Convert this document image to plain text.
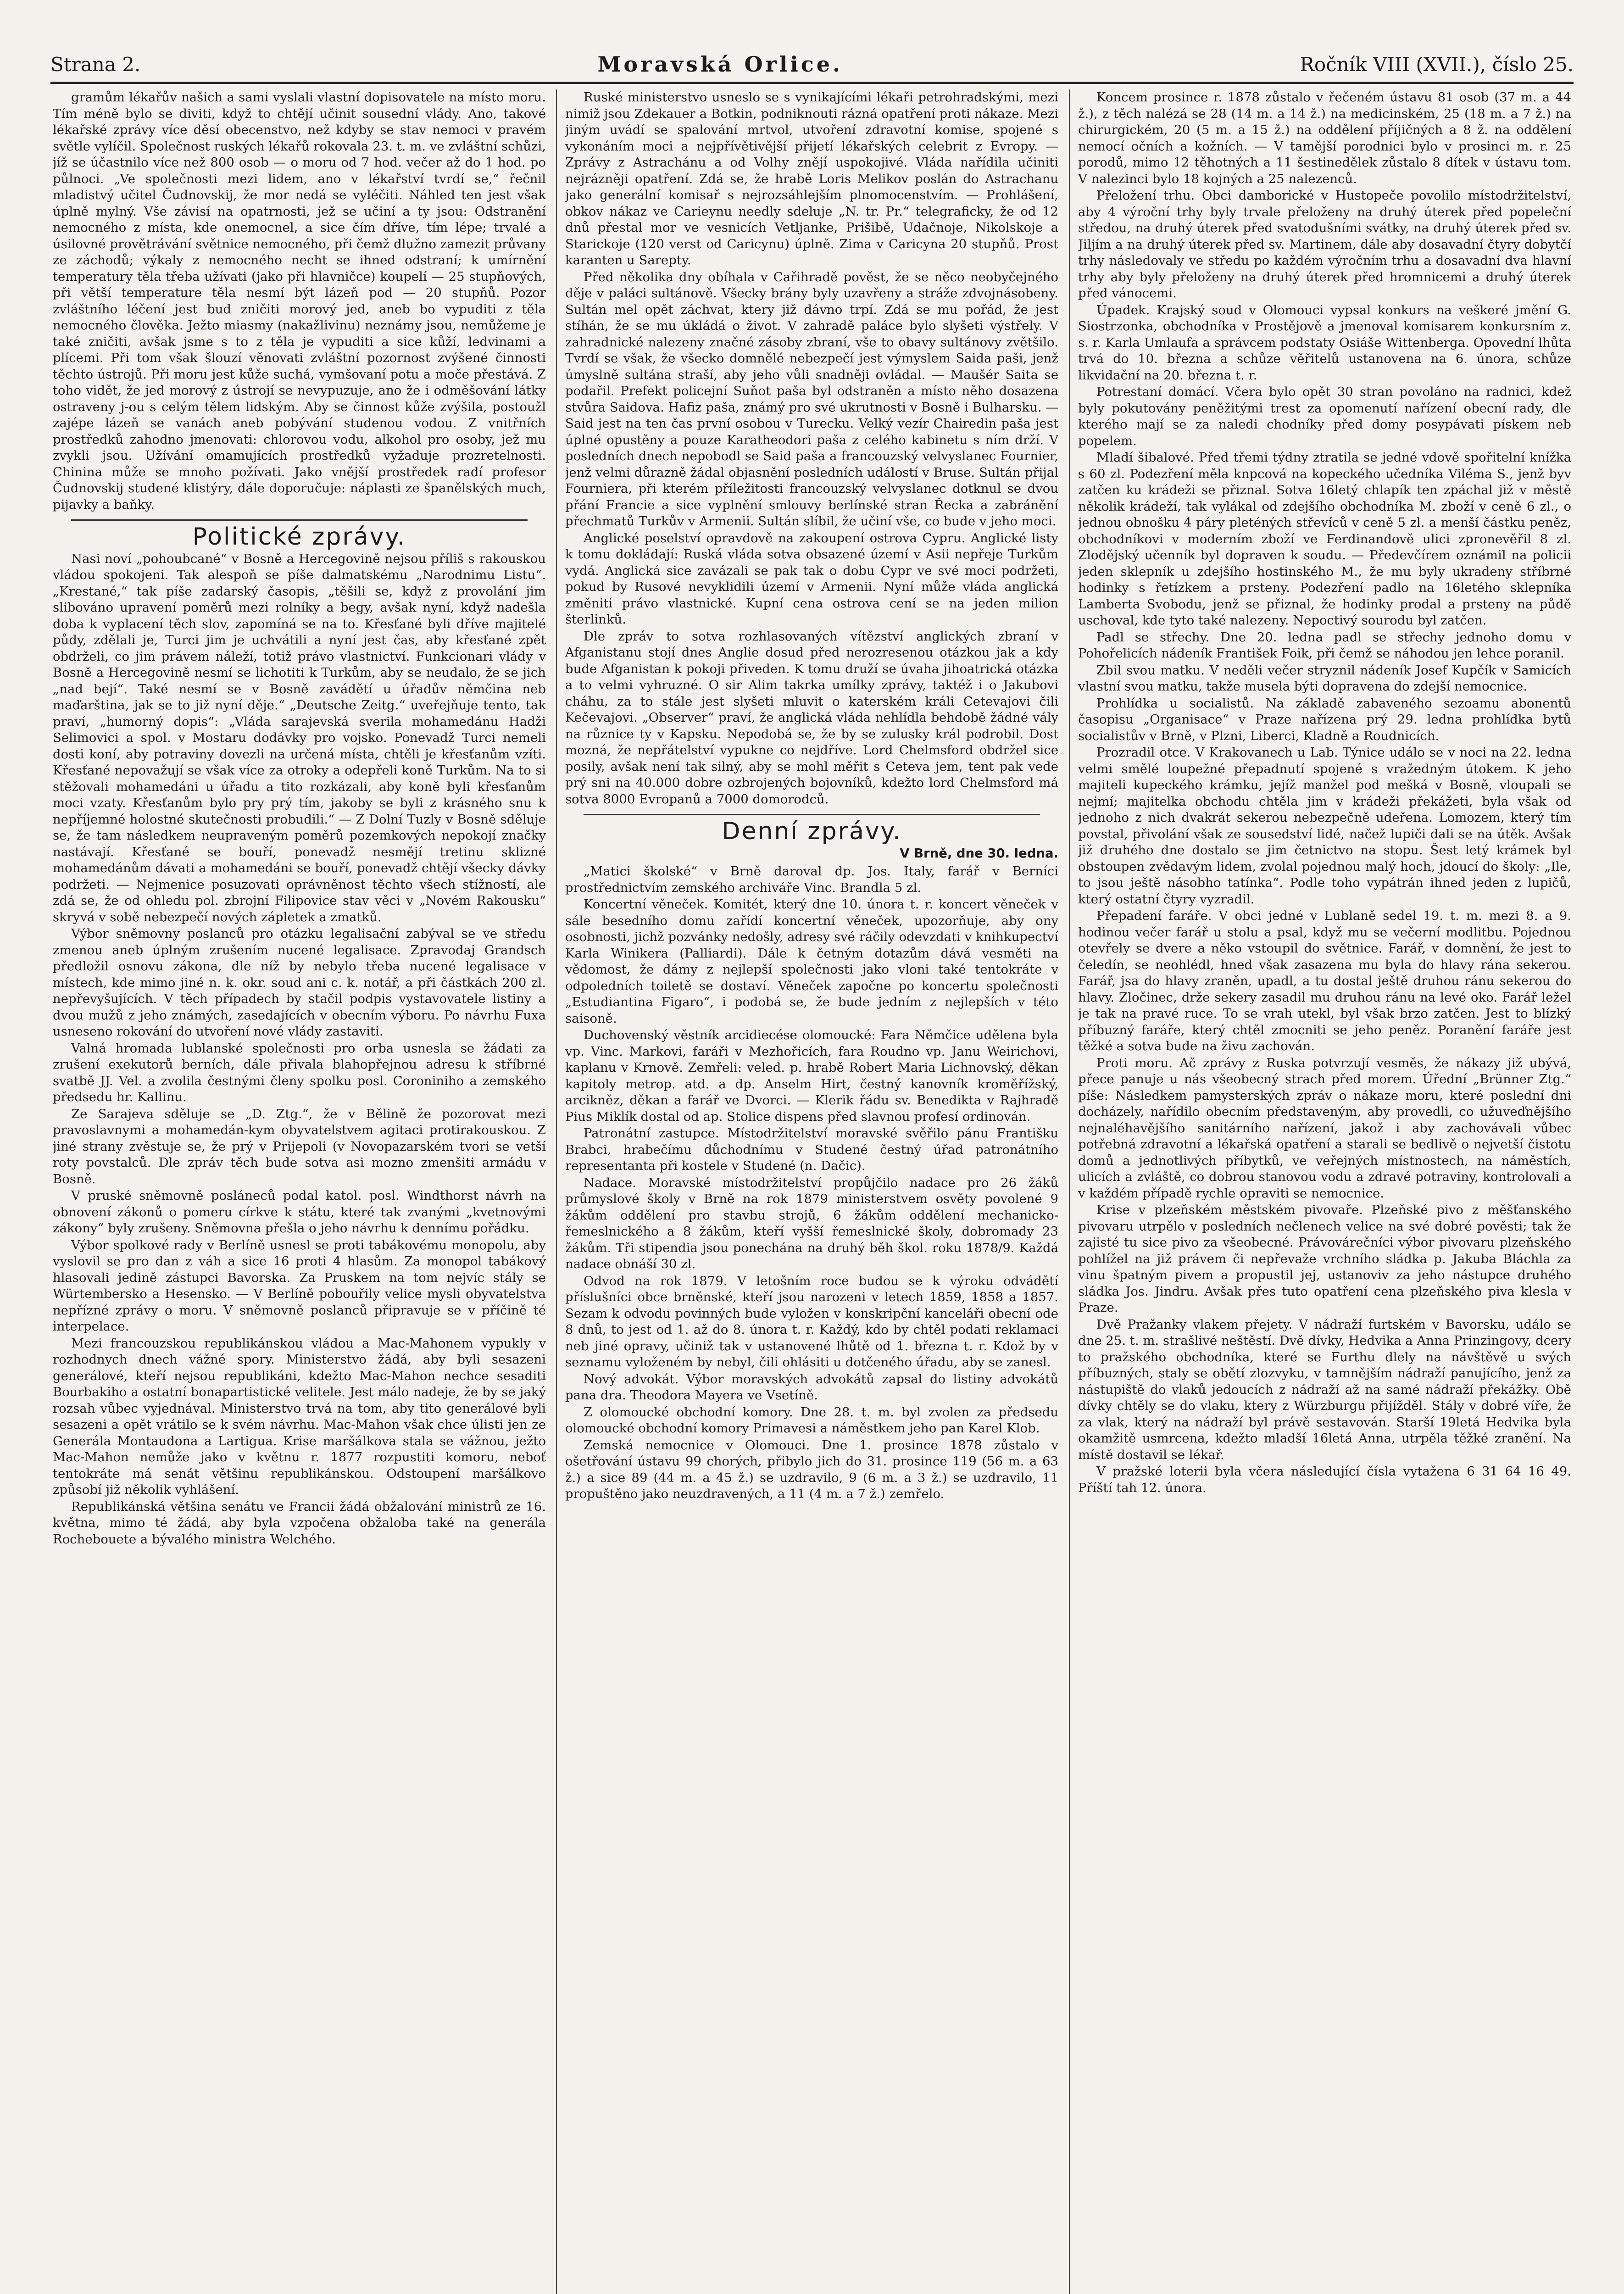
Strana 2.	Moravská Orlice.	Ročník VIII (XVII.), číslo 25.

gramům lékařův našich a sami vyslali vlastní dopisovatele na místo moru. Tím méně bylo se diviti, když to chtějí učinit sousední vlády. Ano, takové lékařské zprávy více děsí obecenstvo, než kdyby se stav nemoci v pravém světle vylíčil. Společnost ruských lékařů rokovala 23. t. m. ve zvláštní schůzi, jíž se účastnilo více než 800 osob — o moru od 7 hod. večer až do 1 hod. po půlnoci. „Ve společnosti mezi lidem, ano v lékařství tvrdí se,“ řečnil mladistvý učitel Čudnovskij, že mor nedá se vyléčiti. Náhled ten jest však úplně mylný. Vše závisí na opatrnosti, jež se učiní a ty jsou: Odstranění nemocného z místa, kde onemocnel, a sice čím dříve, tím lépe; trvalé a úsilovné provětrávání světnice nemocného, při čemž dlužno zamezit průvany ze záchodů; výkaly z nemocného necht se ihned odstraní; k umírnění temperatury těla třeba užívati (jako při hlavničce) koupelí — 25 stupňových, při větší temperature těla nesmí být lázeň pod — 20 stupňů. Pozor zvláštního léčení jest bud zničiti morový jed, aneb bo vypuditi z těla nemocného člověka. Ježto miasmy (nakažlivinu) neznámy jsou, nemůžeme je také zničiti, avšak jsme s to z těla je vypuditi a sice kůží, ledvinami a plícemi. Při tom však šlouzí věnovati zvláštní pozornost zvýšené činnosti těchto ústrojů. Při moru jest kůže suchá, vymšovaní potu a moče přestává. Z toho vidět, že jed morový z ústrojí se nevypuzuje, ano že i odměšování látky ostraveny j-ou s celým tělem lidským. Aby se činnost kůže zvýšila, postoužl zajépe lázeň se vanách aneb pobývání studenou vodou. Z vnitřních prostředků zahodno jmenovati: chlorovou vodu, alkohol pro osoby, jež mu zvykli jsou. Užívání omamujících prostředků vyžaduje prozretelnosti. Chinina může se mnoho požívati. Jako vnější prostředek radí profesor Čudnovskij studené klistýry, dále doporučuje: náplasti ze španělských much, pijavky a baňky.

Politické zprávy.

Nasi noví „pohoubcané“ v Bosně a Hercegovině nejsou příliš s rakouskou vládou spokojeni. Tak alespoň se píše dalmatskému „Narodnimu Listu“. „Krestané,“ tak píše zadarský časopis, „těšili se, když z provolání jim slibováno upravení poměrů mezi rolníky a begy, avšak nyní, když nadešla doba k vyplacení těch slov, zapomíná se na to. Křesťané byli dříve majitelé půdy, zdělali je, Turci jim je uchvátili a nyní jest čas, aby křesťané zpět obdrželi, co jim právem náleží, totiž právo vlastnictví. Funkcionari vlády v Bosně a Hercegovině nesmí se lichotiti k Turkům, aby se neudalo, že se jich „nad bejí“. Také nesmí se v Bosně zavádětí u úřadův němčina neb maďarština, jak se to již nyní děje.“ „Deutsche Zeitg.“ uveřejňuje tento, tak praví, „humorný dopis“: „Vláda sarajevská sverila mohamedánu Hadži Selimovici a spol. v Mostaru dodávky pro vojsko. Ponevadž Turci nemeli dosti koní, aby potraviny dovezli na určená místa, chtěli je křesťanům vzíti. Křesťané nepovažují se však více za otroky a odepřeli koně Turkům. Na to si stěžovali mohamedáni u úřadu a tito rozkázali, aby koně byli křesťanům moci vzaty. Křesťanům bylo pry prý tím, jakoby se byli z krásného snu k nepříjemné holostné skutečnosti probudili.“ — Z Dolní Tuzly v Bosně sděluje se, že tam následkem neupraveným poměrů pozemkových nepokojí značky nastávají. Křesťané se bouří, ponevadž nesmějí tretinu sklizné mohamedánům dávati a mohamedáni se bouří, ponevadž chtějí všecky dávky podržeti. — Nejmenice posuzovati oprávněnost těchto všech stížností, ale zdá se, že od ohledu pol. zbrojní Filipovice stav věci v „Novém Rakousku“ skryvá v sobě nebezpečí nových zápletek a zmatků.

Výbor sněmovny poslanců pro otázku legalisační zabýval se ve středu zmenou aneb úplným zrušením nucené legalisace. Zpravodaj Grandsch předložil osnovu zákona, dle níž by nebylo třeba nucené legalisace v místech, kde mimo jiné n. k. okr. soud ani c. k. notář, a při částkách 200 zl. nepřevyšujících. V těch případech by stačil podpis vystavovatele listiny a dvou mužů z jeho známých, zasedajících v obecním výboru. Po návrhu Fuxa usneseno rokování do utvoření nové vlády zastaviti.

Valná hromada lublanské společnosti pro orba usnesla se žádati za zrušení exekutorů berních, dále přivala blahopřejnou adresu k stříbrné svatbě JJ. Vel. a zvolila čestnými členy spolku posl. Coroninihο a zemského předsedu hr. Kallinu.

Ze Sarajeva sděluje se „D. Ztg.“, že v Bělině že pozorovat mezi pravoslavnymi a mohamedán-kym obyvatelstvem agitaci protirakouskou. Z jiné strany zvěstuje se, že prý v Prijepoli (v Novopazarském tvori se vetší roty povstalců. Dle zpráv těch bude sotva asi mozno zmenšiti armádu v Bosně.

V pruské sněmovně posláneců podal katol. posl. Windthorst návrh na obnovení zákonů o pomeru církve k státu, které tak zvanými „kvetnovými zákony“ byly zrušeny. Sněmovna přešla o jeho návrhu k dennímu pořádku.

Výbor spolkové rady v Berlíně usnesl se proti tabákovému monopolu, aby vyslovil se pro dan z váh a sice 16 proti 4 hlasům. Za monopol tabákový hlasovali jedině zástupci Bavorska. Za Pruskem na tom nejvíc stály se Würtembersko a Hesensko. — V Berlíně pobouřily velice mysli obyvatelstva nepřízné zprávy o moru. V sněmovně poslanců připravuje se v příčině té interpelace.

Mezi francouzskou republikánskou vládou a Mac-Mahonem vypukly v rozhodnych dnech vážné spory. Ministerstvo žádá, aby byli sesazeni generálové, kteří nejsou republikáni, kdežto Mac-Mahon nechce sesaditi Bourbakiho a ostatní bonapartistické velitele. Jest málo nadeje, že by se jaký rozsah vůbec vyjednával. Ministerstvo trvá na tom, aby tito generálové byli sesazeni a opět vrátilo se k svém návrhu. Mac-Mahon však chce úlisti jen ze Generála Montaudona a Lartigua. Krise maršálkova stala se vážnou, ježto Mac-Mahon nemůže jako v květnu r. 1877 rozpustiti komoru, neboť tentokráte má senát většinu republikánskou. Odstoupení maršálkovo způsobí již několik vyhlášení.

Republikánská většina senátu ve Francii žádá obžalování ministrů ze 16. května, mimo té žádá, aby byla vzpočena obžaloba také na generála Rochebouete a bývalého ministra Welchého.

Ruské ministerstvo usneslo se s vynikajícími lékaři petrohradskými, mezi nimiž jsou Zdekauer a Botkin, podniknouti rázná opatření proti nákaze. Mezi jiným uvádí se spalování mrtvol, utvoření zdravotní komise, spojené s vykonáním moci a nejpřívětivější přijetí lékařských celebrit z Evropy. — Zprávy z Astrachánu a od Volhy znějí uspokojivé. Vláda nařídila učiniti nejrázněji opatření. Zdá se, že hrabě Loris Melikov poslán do Astrachanu jako generální komisař s nejrozsáhlejším plnomocenstvím. — Prohlášení, obkov nákaz ve Carieynu needly sdeluje „N. tr. Pr.“ telegraficky, že od 12 dnů přestal mor ve vesnicích Vetljanke, Prišibě, Udačnoje, Nikolskoje a Starickoje (120 verst od Caricynu) úplně. Zima v Caricyna 20 stupňů. Prost karanten u Sarepty.

Před několika dny obíhala v Cařihradě pověst, že se něco neobyčejného děje v paláci sultánově. Všecky brány byly uzavřeny a stráže zdvojnásobeny. Sultán mel opět záchvat, ktery již dávno trpí. Zdá se mu pořád, že jest stíhán, že se mu úkládá o život. V zahradě paláce bylo slyšeti výstřely. V zahradnické nalezeny značné zásoby zbraní, vše to obavy sultánovy zvětšilo. Tvrdí se však, že všecko domnělé nebezpečí jest výmyslem Saida paši, jenž úmyslně sultána straší, aby jeho vůli snadněji ovládal. — Maušér Saita se podařil. Prefekt policejní Suňot paša byl odstraněn a místo něho dosazena stvůra Saidova. Hafiz paša, známý pro své ukrutnosti v Bosně i Bulharsku. — Said jest na ten čas první osobou v Turecku. Velký vezír Chairedin paša jest úplné opustěny a pouze Karatheodori paša z celého kabinetu s ním drží. V posledních dnech nepobodl se Said paša a francouzský velvyslanec Fournier, jenž velmi důrazně žádal objasnění posledních událostí v Bruse. Sultán přijal Fourniera, při kterém příležitosti francouzský velvyslanec dotknul se dvou přání Francie a sice vyplnění smlouvy berlínské stran Řecka a zabránění přechmatů Turkův v Armenii. Sultán slíbil, že učiní vše, co bude v jeho moci.

Anglické poselství opravdově na zakoupení ostrova Cypru. Anglické listy k tomu dokládají: Ruská vláda sotva obsazené území v Asii nepřeje Turkům vydá. Anglická sice zavázali se pak tak o dobu Cypr ve své moci podržeti, pokud by Rusové nevyklidili území v Armenii. Nyní může vláda anglická změniti právo vlastnické. Kupní cena ostrova cení se na jeden milion šterlinků.

Dle zpráv to sotva rozhlasovaných vítězství anglických zbraní v Afganistanu stojí dnes Anglie dosud před nerozresenou otázkou jak a kdy bude Afganistan k pokoji přiveden. K tomu druží se úvaha jihoatrická otázka a to velmi vyhruzné. O sir Alim takrka umílky zprávy, taktéž i o Jakubovi cháhu, za to stále jest slyšeti mluvit o katerském králi Cetevajovi čili Kečevajovi. „Observer“ praví, že anglická vláda nehlídla behdobě žádné vály na různice ty v Kapsku. Nepodobá se, že by se zulusky král podrobil. Dost mozná, že nepřátelství vypukne co nejdříve. Lord Chelmsford obdržel sice posily, avšak není tak silný, aby se mohl měřit s Ceteva jem, tent pak vede prý sni na 40.000 dobre ozbrojených bojovníků, kdežto lord Chelmsford má sotva 8000 Evropanů a 7000 domorodců.

Denní zprávy.
V Brně, dne 30. ledna.

„Matici školské“ v Brně daroval dp. Jos. Italy, farář v Berníci prostřednictvím zemského archiváře Vinc. Brandla 5 zl.

Koncertní věneček. Komitét, který dne 10. února t. r. koncert věneček v sále besedního domu zařídí koncertní věneček, upozorňuje, aby ony osobnosti, jichž pozvánky nedošly, adresy své ráčily odevzdati v knihkupectví Karla Winikera (Palliardi). Dále k četným dotazům dává vesměti na vědomost, že dámy z nejlepší společnosti jako vloni také tentokráte v odpoledních toiletě se dostaví. Věneček započne po koncertu společnosti „Estudiantina Figaro“, i podobá se, že bude jedním z nejlepších v této saisoně.

Duchovenský věstník arcidiecése olomoucké: Fara Němčice udělena byla vp. Vinc. Markovi, faráři v Mezhořicích, fara Roudno vp. Janu Weirichovi, kaplanu v Krnově. Zemřeli: veled. p. hrabě Robert Maria Lichnovský, děkan kapitoly metrop. atd. a dp. Anselm Hirt, čestný kanovník kroměřížský, arcikněz, děkan a farář ve Dvorci. — Klerik řádu sv. Benedikta v Rajhradě Pius Miklík dostal od ap. Stolice dispens před slavnou profesí ordinován.

Patronátní zastupce. Místodržitelství moravské svěřilo pánu Františku Brabci, hrabečímu důchodnímu v Studené čestný úřad patronátního representanta při kostele v Studené (n. Dačic).

Nadace. Moravské místodržitelství propůjčilo nadace pro 26 žáků průmyslové školy v Brně na rok 1879 ministerstvem osvěty povolené 9 žákům oddělení pro stavbu strojů, 6 žákům oddělení mechanicko-řemeslnického a 8 žákům, kteří vyšší řemeslnické školy, dobromady 23 žákům. Tři stipendia jsou ponechána na druhý běh škol. roku 1878/9. Každá nadace obnáší 30 zl.

Odvod na rok 1879. V letošním roce budou se k výroku odvádětí příslušníci obce brněnské, kteří jsou narozeni v letech 1859, 1858 a 1857. Sezam k odvodu povinných bude vyložen v konskripční kanceláři obecní ode 8 dnů, to jest od 1. až do 8. února t. r. Každý, kdo by chtěl podati reklamaci neb jiné opravy, učiniž tak v ustanovené lhůtě od 1. března t. r. Kdož by v seznamu vyloženém by nebyl, čili ohlásiti u dotčeného úřadu, aby se zanesl.

Nový advokát. Výbor moravských advokátů zapsal do listiny advokátů pana dra. Theodora Mayera ve Vsetíně.

Z olomoucké obchodní komory. Dne 28. t. m. byl zvolen za předsedu olomoucké obchodní komory Primavesi a náměstkem jeho pan Karel Klob.

Zemská nemocnice v Olomouci. Dne 1. prosince 1878 zůstalo v ošetřování ústavu 99 chorých, přibylo jich do 31. prosince 119 (56 m. a 63 ž.) a sice 89 (44 m. a 45 ž.) se uzdravilo, 9 (6 m. a 3 ž.) se uzdravilo, 11 propuštěno jako neuzdravených, a 11 (4 m. a 7 ž.) zemřelo.

Koncem prosince r. 1878 zůstalo v řečeném ústavu 81 osob (37 m. a 44 ž.), z těch nalézá se 28 (14 m. a 14 ž.) na medicinském, 25 (18 m. a 7 ž.) na chirurgickém, 20 (5 m. a 15 ž.) na oddělení příjičných a 8 ž. na oddělení nemocí očních a kožních. — V tamější porodnici bylo v prosinci m. r. 25 porodů, mimo 12 těhotných a 11 šestinedělek zůstalo 8 dítek v ústavu tom. V nalezinci bylo 18 kojných a 25 nalezenců.

Přeložení trhu. Obci damborické v Hustopeče povolilo místodržitelství, aby 4 výroční trhy byly trvale přeloženy na druhý úterek před popeleční středou, na druhý úterek před svatodušními svátky, na druhý úterek před sv. Jiljím a na druhý úterek před sv. Martinem, dále aby dosavadní čtyry dobytčí trhy následovaly ve středu po každém výročním trhu a dosavadní dva hlavní trhy aby byly přeloženy na druhý úterek před hromnicemi a druhý úterek před vánocemi.

Úpadek. Krajský soud v Olomouci vypsal konkurs na veškeré jmění G. Siostrzonka, obchodníka v Prostějově a jmenoval komisarem konkursním z. s. r. Karla Umlaufa a správcem podstaty Osiáše Wittenberga. Opovední lhůta trvá do 10. března a schůze věřitelů ustanovena na 6. února, schůze likvidační na 20. března t. r.

Potrestaní domácí. Včera bylo opět 30 stran povoláno na radnici, kdež byly pokutovány peněžitými trest za opomenutí nařízení obecní rady, dle kterého mají se za naledi chodníky před domy posypávati pískem neb popelem.

Mladí šibalové. Před třemi týdny ztratila se jedné vdově spořitelní knížka s 60 zl. Podezření měla knpcová na kopeckého učedníka Viléma S., jenž byv zatčen ku krádeži se přiznal. Sotva 16letý chlapík ten zpáchal již v městě několik krádeží, tak vylákal od zdejšího obchodníka M. zboží v ceně 6 zl., o jednou obnošku 4 páry pleténých střevíců v ceně 5 zl. a menší částku peněz, obchodníkovi v moderním zboží ve Ferdinandově ulici zpronevěřil 8 zl. Zlodějský učenník byl dopraven k soudu. — Předevčírem oznámil na policii jeden sklepník u zdejšího hostinského M., že mu byly ukradeny stříbrné hodinky s řetízkem a prsteny. Podezření padlo na 16letého sklepníka Lamberta Svobodu, jenž se přiznal, že hodinky prodal a prsteny na půdě uschoval, kde tyto také nalezeny. Nepoctivý sourodu byl zatčen.

Padl se střechy. Dne 20. ledna padl se střechy jednoho domu v Pohořelicích nádeník František Foik, při čemž se náhodou jen lehce poranil.

Zbil svou matku. V neděli večer stryznil nádeník Josef Kupčík v Samicích vlastní svou matku, takže musela býti dopravena do zdejší nemocnice.

Prohlídka u socialistů. Na základě zabaveného sezoamu abonentů časopisu „Organisace“ v Praze nařízena prý 29. ledna prohlídka bytů socialistův v Brně, v Plzni, Liberci, Kladně a Roudnicích.

Prozradil otce. V Krakovanech u Lab. Týnice událo se v noci na 22. ledna velmi smělé loupežné přepadnutí spojené s vražedným útokem. K jeho majiteli kupeckého krámku, jejíž manžel pod mešká v Bosně, vloupali se nejmí; majitelka obchodu chtěla jim v krádeži překážeti, byla však od jednoho z nich dvakrát sekerou nebezpečně udeřena. Lomozem, který tím povstal, přivolání však ze sousedství lidé, načež lupiči dali se na útěk. Avšak již druhého dne dostalo se jim četnictvo na stopu. Šest letý krámek byl obstoupen zvědavým lidem, zvolal pojednou malý hoch, jdoucí do školy: „Ile, to jsou ještě násobho tatínka“. Podle toho vypátrán ihned jeden z lupičů, který ostatní čtyry vyzradil.

Přepadení faráře. V obci jedné v Lublaně sedel 19. t. m. mezi 8. a 9. hodinou večer farář u stolu a psal, když mu se večerní modlitbu. Pojednou otevřely se dvere a něko vstoupil do světnice. Farář, v domnění, že jest to čeledín, se neohlédl, hned však zasazena mu byla do hlavy rána sekerou. Farář, jsa do hlavy zraněn, upadl, a tu dostal ještě druhou ránu sekerou do hlavy. Zločinec, drže sekery zasadil mu druhou ránu na levé oko. Farář ležel je tak na pravé ruce. To se vrah utekl, byl však brzo zatčen. Jest to blízký příbuzný faráře, který chtěl zmocniti se jeho peněz. Poranění faráře jest těžké a sotva bude na živu zachován.

Proti moru. Ač zprávy z Ruska potvrzují vesměs, že nákazy již ubývá, přece panuje u nás všeobecný strach před morem. Úřední „Brünner Ztg.“ píše: Následkem pamysterských zpráv o nákaze moru, které poslední dni docházely, nařídilo obecním představeným, aby provedli, co užuveďnějšího nejnaléhavějšího sanitárního nařízení, jakož i aby zachovávali vůbec potřebná zdravotní a lékařská opatření a starali se bedlivě o nejvetší čistotu domů a jednotlivých příbytků, ve veřejných místnostech, na náměstích, ulicích a zvláště, co dobrou stanovou vodu a zdravé potraviny, kontrolovali a v každém případě rychle opraviti se nemocnice.

Krise v plzeňském městském pivovaře. Plzeňské pivo z měšťanského pivovaru utrpělo v posledních nečlenech velice na své dobré pověsti; tak že zajisté tu sice pivo za všeobecné. Právovárečníci výbor pivovaru plzeňského pohlížel na již právem či nepřevaže vrchního sládka p. Jakuba Bláchla za vinu špatným pivem a propustil jej, ustanoviv za jeho nástupce druhého sládka Jos. Jindru. Avšak přes tuto opatření cena plzeňského piva klesla v Praze.

Dvě Pražanky vlakem přejety. V nádraží furtském v Bavorsku, událo se dne 25. t. m. strašlivé neštěstí. Dvě dívky, Hedvika a Anna Prinzingovy, dcery to pražského obchodníka, které se Furthu dlely na návštěvě u svých příbuzných, staly se obětí zlozvyku, v tamnějším nádraží panujícího, jenž za nástupiště do vlaků jedoucích z nádraží až na samé nádraží překážky. Obě dívky chtěly se do vlaku, ktery z Würzburgu přijížděl. Stály v dobré víře, že za vlak, který na nádraží byl právě sestavován. Starší 19letá Hedvika byla okamžitě usmrcena, kdežto mladší 16letá Anna, utrpěla těžké zranění. Na místě dostavil se lékař.

V pražské loterii byla včera následující čísla vytažena 6 31 64 16 49. Příští tah 12. února.
